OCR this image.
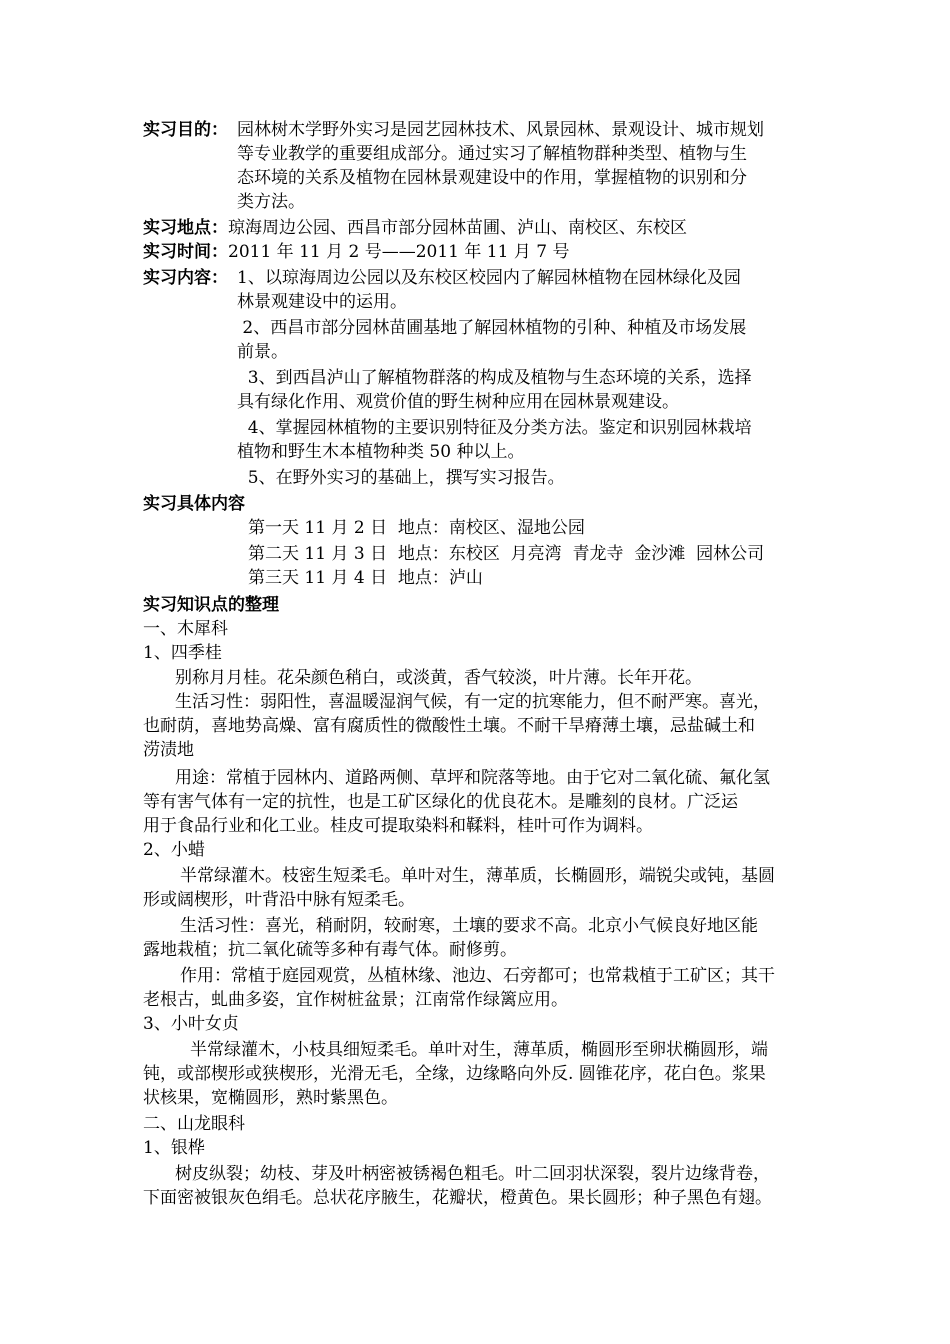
实习目的： 园林树木学野外实习是园艺园林技术、风景园林、景观设计、城市规划
等专业教学的重要组成部分。通过实习了解植物群种类型、植物与生
态环境的关系及植物在园林景观建设中的作用，掌握植物的识别和分
类方法。
实习地点：琼海周边公园、西昌市部分园林苗圃、泸山、南校区、东校区
实习时间：2011 年 11 月 2 号——2011 年 11 月 7 号
实习内容： 1、以琼海周边公园以及东校区校园内了解园林植物在园林绿化及园
林景观建设中的运用。
2、西昌市部分园林苗圃基地了解园林植物的引种、种植及市场发展
前景。
3、到西昌泸山了解植物群落的构成及植物与生态环境的关系，选择
具有绿化作用、观赏价值的野生树种应用在园林景观建设。
4、掌握园林植物的主要识别特征及分类方法。鉴定和识别园林栽培
植物和野生木本植物种类 50 种以上。
5、在野外实习的基础上，撰写实习报告。
实习具体内容
第一天 11 月 2 日  地点：南校区、湿地公园
第二天 11 月 3 日  地点：东校区  月亮湾  青龙寺  金沙滩  园林公司
第三天 11 月 4 日  地点：泸山
实习知识点的整理
一、木犀科
1、四季桂
别称月月桂。花朵颜色稍白，或淡黄，香气较淡，叶片薄。长年开花。
生活习性：弱阳性，喜温暖湿润气候，有一定的抗寒能力，但不耐严寒。喜光，
也耐荫，喜地势高燥、富有腐质性的微酸性土壤。不耐干旱瘠薄土壤，忌盐碱土和
涝渍地
用途：常植于园林内、道路两侧、草坪和院落等地。由于它对二氧化硫、氟化氢
等有害气体有一定的抗性，也是工矿区绿化的优良花木。是雕刻的良材。广泛运
用于食品行业和化工业。桂皮可提取染料和鞣料，桂叶可作为调料。
2、小蜡
半常绿灌木。枝密生短柔毛。单叶对生，薄革质，长椭圆形，端锐尖或钝，基圆
形或阔楔形，叶背沿中脉有短柔毛。
生活习性：喜光，稍耐阴，较耐寒，土壤的要求不高。北京小气候良好地区能
露地栽植；抗二氧化硫等多种有毒气体。耐修剪。
作用：常植于庭园观赏，丛植林缘、池边、石旁都可；也常栽植于工矿区；其干
老根古，虬曲多姿，宜作树桩盆景；江南常作绿篱应用。
3、小叶女贞
半常绿灌木，小枝具细短柔毛。单叶对生，薄革质，椭圆形至卵状椭圆形，端
钝，或部楔形或狭楔形，光滑无毛，全缘，边缘略向外反. 圆锥花序，花白色。浆果
状核果，宽椭圆形，熟时紫黑色。
二、山龙眼科
1、银桦
树皮纵裂；幼枝、芽及叶柄密被锈褐色粗毛。叶二回羽状深裂，裂片边缘背卷，
下面密被银灰色绢毛。总状花序腋生，花瓣状，橙黄色。果长圆形；种子黑色有翅。
